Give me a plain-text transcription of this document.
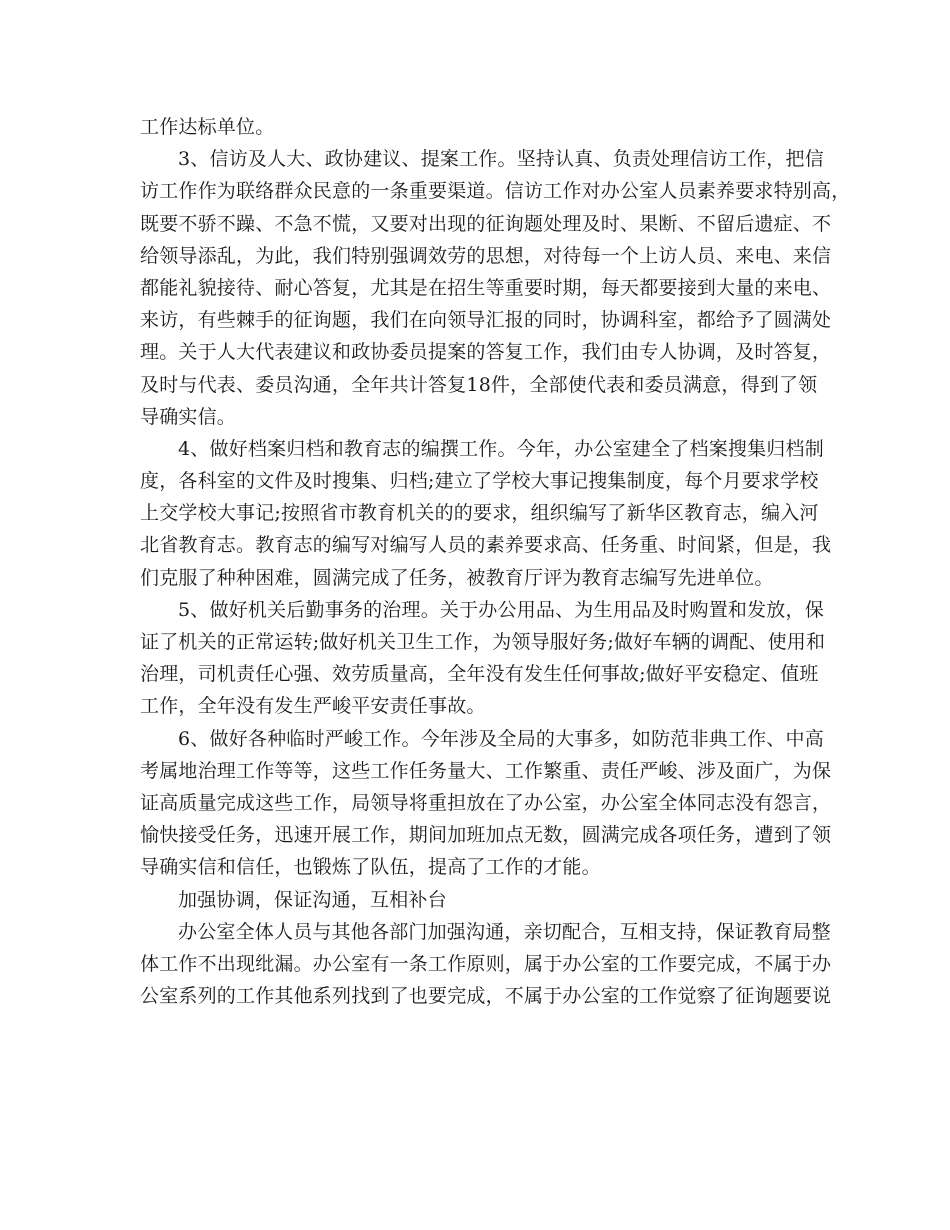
工作达标单位。
3、信访及人大、政协建议、提案工作。坚持认真、负责处理信访工作，把信
访工作作为联络群众民意的一条重要渠道。信访工作对办公室人员素养要求特别高，
既要不骄不躁、不急不慌，又要对出现的征询题处理及时、果断、不留后遗症、不
给领导添乱，为此，我们特别强调效劳的思想，对待每一个上访人员、来电、来信
都能礼貌接待、耐心答复，尤其是在招生等重要时期，每天都要接到大量的来电、
来访，有些棘手的征询题，我们在向领导汇报的同时，协调科室，都给予了圆满处
理。关于人大代表建议和政协委员提案的答复工作，我们由专人协调，及时答复，
及时与代表、委员沟通，全年共计答复18件，全部使代表和委员满意，得到了领
导确实信。
4、做好档案归档和教育志的编撰工作。今年，办公室建全了档案搜集归档制
度，各科室的文件及时搜集、归档;建立了学校大事记搜集制度，每个月要求学校
上交学校大事记;按照省市教育机关的的要求，组织编写了新华区教育志，编入河
北省教育志。教育志的编写对编写人员的素养要求高、任务重、时间紧，但是，我
们克服了种种困难，圆满完成了任务，被教育厅评为教育志编写先进单位。
5、做好机关后勤事务的治理。关于办公用品、为生用品及时购置和发放，保
证了机关的正常运转;做好机关卫生工作，为领导服好务;做好车辆的调配、使用和
治理，司机责任心强、效劳质量高，全年没有发生任何事故;做好平安稳定、值班
工作，全年没有发生严峻平安责任事故。
6、做好各种临时严峻工作。今年涉及全局的大事多，如防范非典工作、中高
考属地治理工作等等，这些工作任务量大、工作繁重、责任严峻、涉及面广，为保
证高质量完成这些工作，局领导将重担放在了办公室，办公室全体同志没有怨言，
愉快接受任务，迅速开展工作，期间加班加点无数，圆满完成各项任务，遭到了领
导确实信和信任，也锻炼了队伍，提高了工作的才能。
加强协调，保证沟通，互相补台
办公室全体人员与其他各部门加强沟通，亲切配合，互相支持，保证教育局整
体工作不出现纰漏。办公室有一条工作原则，属于办公室的工作要完成，不属于办
公室系列的工作其他系列找到了也要完成，不属于办公室的工作觉察了征询题要说
